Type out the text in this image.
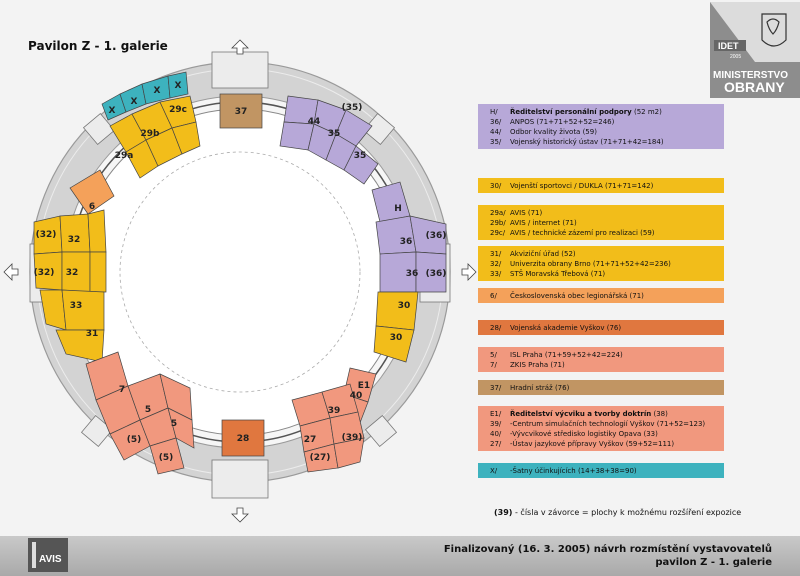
Pavilon Z - 1. galerie	IDET
2005
MINISTERSTVO
OBRANY
X
X
X X
29c
29b
29a
37	(35)
44
35
35
6
(32) 32
(32) 32
33
31
H
36
(36)
36 (36)
30
30
7
5
5
(5)
(5)
28
E1
40
39
(39)
27
(27)
H/ Ředitelství personální podpory (52 m2)
36/ ANPOS (71+71+52+52=246)
44/ Odbor kvality života (59)
35/ Vojenský historický ústav (71+71+42=184)
30/ Vojenští sportovci / DUKLA (71+71=142)
29a/ AVIS (71)
29b/ AVIS / internet (71)
29c/ AVIS / technické zázemí pro realizaci (59)
31/ Akviziční úřad (52)
32/ Univerzita obrany Brno (71+71+52+42=236)
33/ STŠ Moravská Třebová (71)
6/ Československá obec legionářská (71)
28/ Vojenská akademie Vyškov (76)
5/ ISL Praha (71+59+52+42=224)
7/ ZKIS Praha (71)
37/ Hradní stráž (76)
E1/ Ředitelství výcviku a tvorby doktrín (38)
39/ -Centrum simulačních technologií Vyškov (71+52=123)
40/ -Vývcvikové středisko logistiky Opava (33)
27/ -Ústav jazykové přípravy Vyškov (59+52=111)
X/ -Šatny účinkujících (14+38+38=90)
(39) - čísla v závorce = plochy k možnému rozšíření expozice
AVIS
Finalizovaný (16. 3. 2005) návrh rozmístění vystavovatelů
pavilon Z - 1. galerie
